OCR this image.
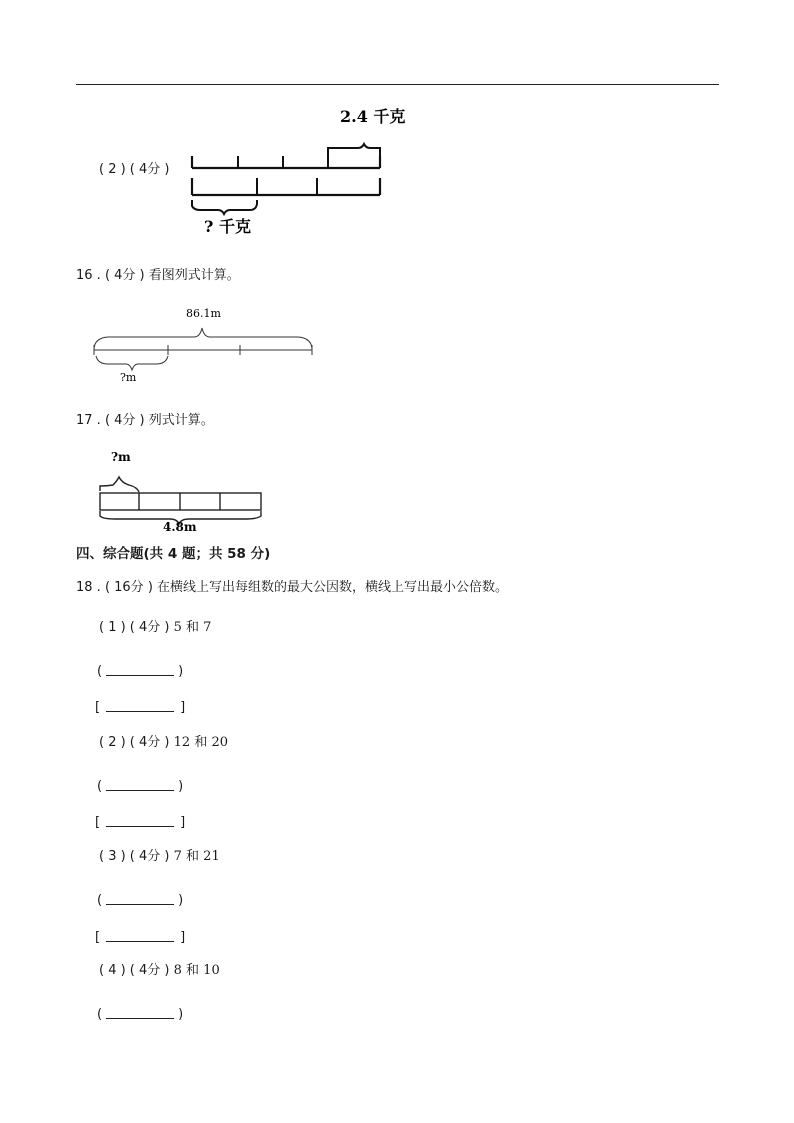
( 2 ) ( 4分 )
2.4 千克
? 千克
16 . ( 4分 ) 看图列式计算。
86.1m
?m
17 . ( 4分 ) 列式计算。
?m
4.8m
四、综合题(共 4 题；共 58 分)
18 . ( 16分 ) 在横线上写出每组数的最大公因数，横线上写出最小公倍数。
( 1 ) ( 4分 ) 5 和 7
(	)
[	]
( 2 ) ( 4分 ) 12 和 20
(	)
[	]
( 3 ) ( 4分 ) 7 和 21
(	)
[	]
( 4 ) ( 4分 ) 8 和 10
(	)
